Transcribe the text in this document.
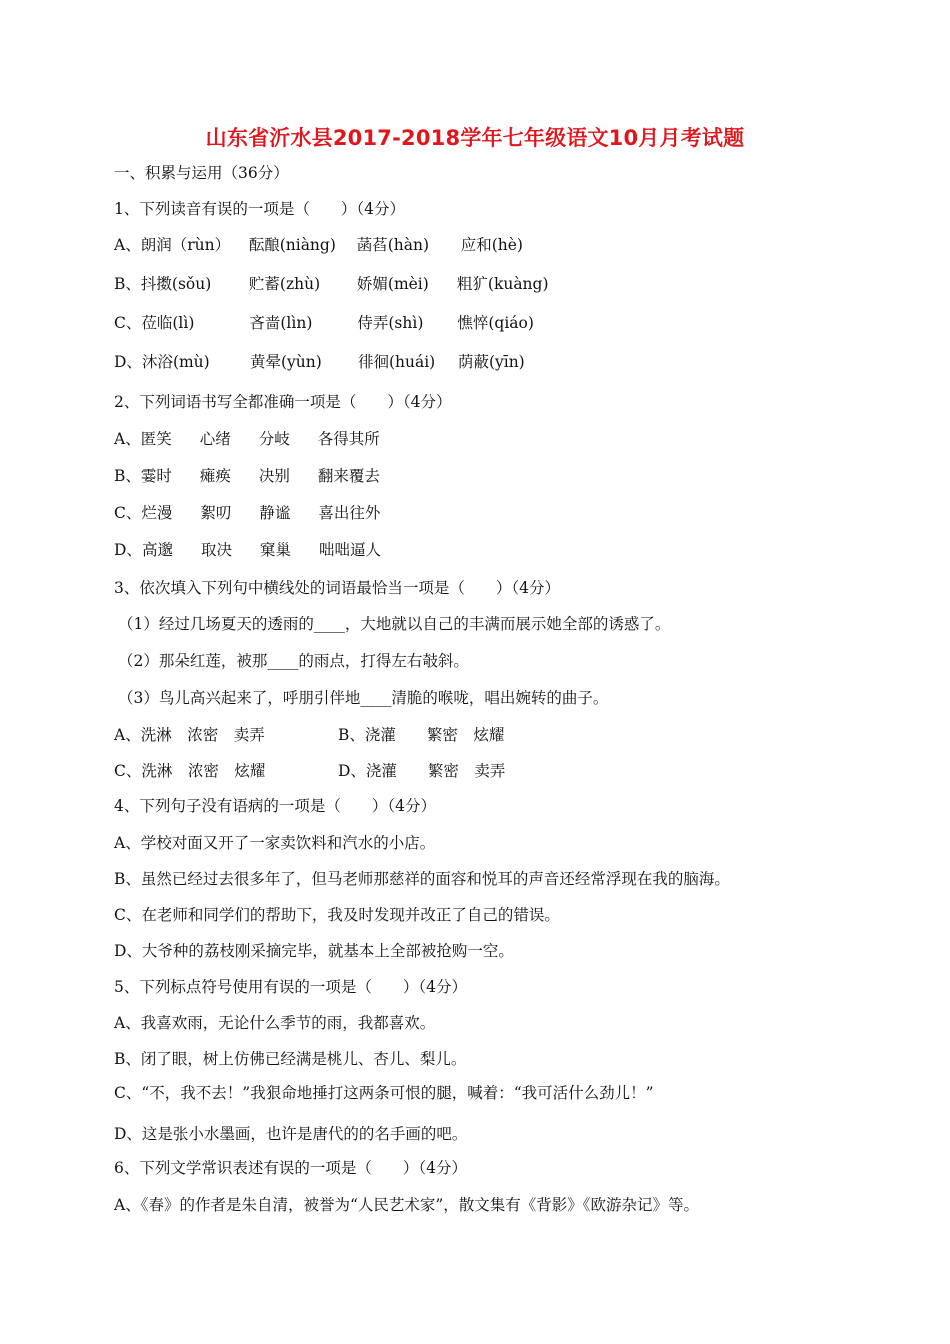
山东省沂水县2017-2018学年七年级语文10月月考试题
一、积累与运用（36分）
1、下列读音有误的一项是（　　）（4分）
A、朗润（rùn） 酝酿(niàng) 菡萏(hàn) 应和(hè)
B、抖擞(sǒu) 贮蓄(zhù) 娇媚(mèi) 粗犷(kuàng)
C、莅临(lì)	吝啬(lìn)	侍弄(shì) 憔悴(qiáo)
D、沐浴(mù)	黄晕(yùn) 徘徊(huái) 荫蔽(yīn)
2、下列词语书写全都准确一项是（　　）（4分）
A、匿笑 心绪 分岐 各得其所
B、霎时 瘫痪 决别 翻来覆去
C、烂漫 絮叨 静谧 喜出往外
D、高邈 取决 窠巢 咄咄逼人
3、依次填入下列句中横线处的词语最恰当一项是（　　）（4分）
（1）经过几场夏天的透雨的____，大地就以自己的丰满而展示她全部的诱惑了。
（2）那朵红莲，被那____的雨点，打得左右攲斜。
（3）鸟儿高兴起来了，呼朋引伴地____清脆的喉咙，唱出婉转的曲子。
A、洗淋　浓密　卖弄	B、浇灌　　繁密　炫耀
C、洗淋　浓密　炫耀	D、浇灌　　繁密　卖弄
4、下列句子没有语病的一项是（　　）（4分）
A、学校对面又开了一家卖饮料和汽水的小店。
B、虽然已经过去很多年了，但马老师那慈祥的面容和悦耳的声音还经常浮现在我的脑海。
C、在老师和同学们的帮助下，我及时发现并改正了自己的错误。
D、大爷种的荔枝刚采摘完毕，就基本上全部被抢购一空。
5、下列标点符号使用有误的一项是（　　）（4分）
A、我喜欢雨，无论什么季节的雨，我都喜欢。
B、闭了眼，树上仿佛已经满是桃儿、杏儿、梨儿。
C、“不，我不去！”我狠命地捶打这两条可恨的腿，喊着：“我可活什么劲儿！”
D、这是张小水墨画，也许是唐代的的名手画的吧。
6、下列文学常识表述有误的一项是（　　）（4分）
A、《春》的作者是朱自清，被誉为“人民艺术家”，散文集有《背影》《欧游杂记》等。
